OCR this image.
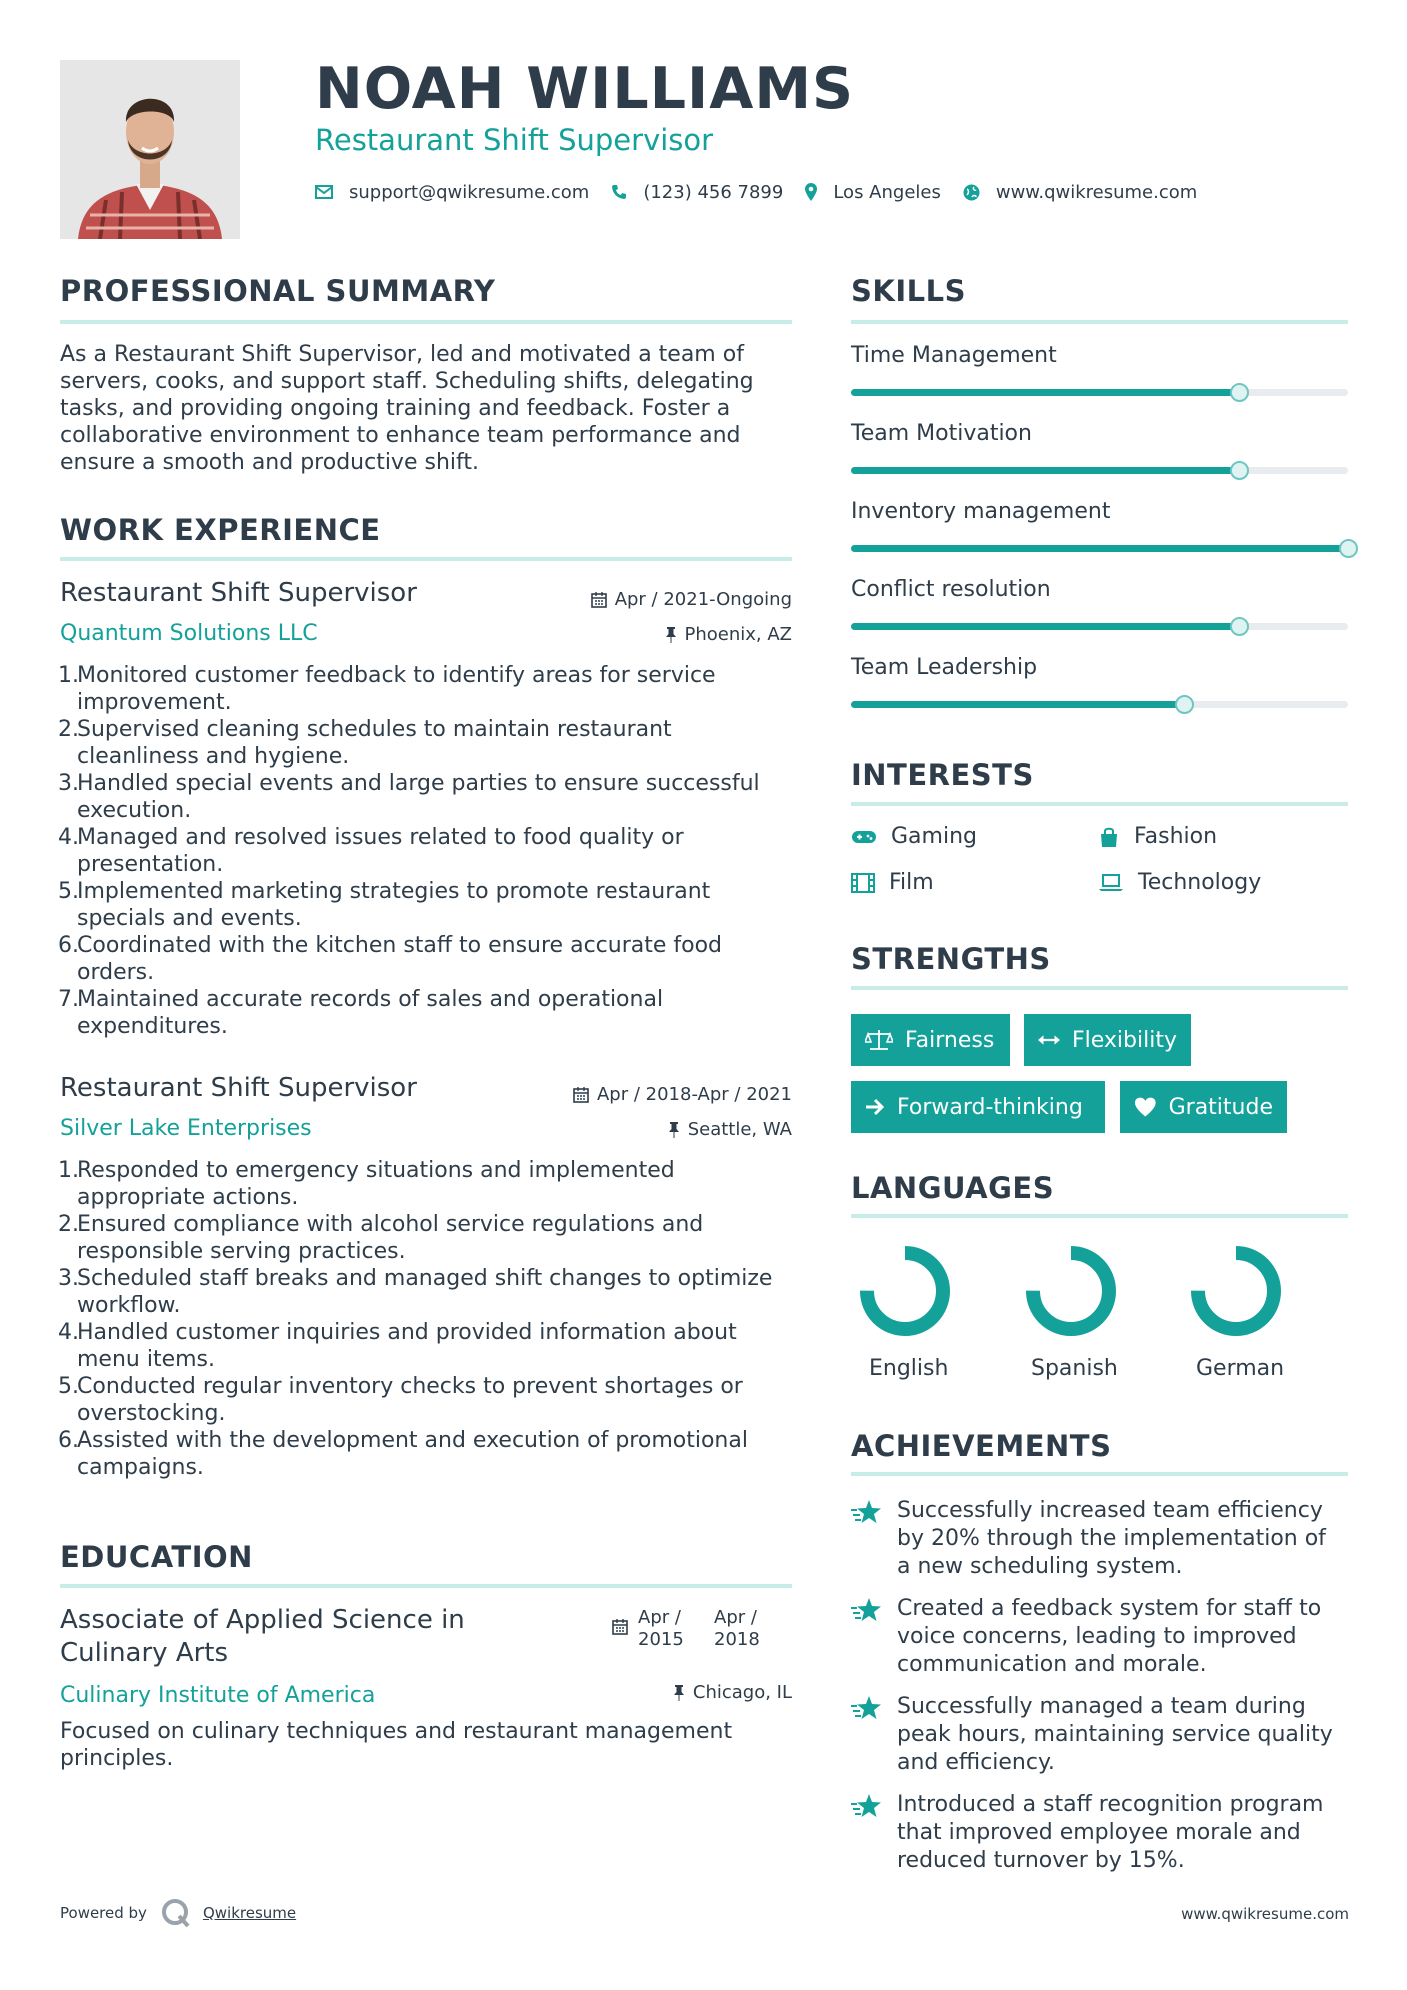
NOAH WILLIAMS
Restaurant Shift Supervisor
support@qwikresume.com	(123) 456 7899	Los Angeles	www.qwikresume.com
PROFESSIONAL SUMMARY
As a Restaurant Shift Supervisor, led and motivated a team of
servers, cooks, and support staff. Scheduling shifts, delegating
tasks, and providing ongoing training and feedback. Foster a
collaborative environment to enhance team performance and
ensure a smooth and productive shift.
WORK EXPERIENCE
Restaurant Shift Supervisor	Apr / 2021-Ongoing
Quantum Solutions LLC	Phoenix, AZ
1.
Monitored customer feedback to identify areas for service
improvement.
2.
Supervised cleaning schedules to maintain restaurant
cleanliness and hygiene.
3.
Handled special events and large parties to ensure successful
execution.
4.
Managed and resolved issues related to food quality or
presentation.
5.
Implemented marketing strategies to promote restaurant
specials and events.
6.
Coordinated with the kitchen staff to ensure accurate food
orders.
7.
Maintained accurate records of sales and operational
expenditures.
Restaurant Shift Supervisor	Apr / 2018-Apr / 2021
Silver Lake Enterprises	Seattle, WA
1.
Responded to emergency situations and implemented
appropriate actions.
2.
Ensured compliance with alcohol service regulations and
responsible serving practices.
3.
Scheduled staff breaks and managed shift changes to optimize
workflow.
4.
Handled customer inquiries and provided information about
menu items.
5.
Conducted regular inventory checks to prevent shortages or
overstocking.
6.
Assisted with the development and execution of promotional
campaigns.
EDUCATION
Associate of Applied Science in
Culinary Arts
Apr /
2015
Apr /
2018
Culinary Institute of America	Chicago, IL
Focused on culinary techniques and restaurant management
principles.
SKILLS
Time Management
Team Motivation
Inventory management
Conflict resolution
Team Leadership
INTERESTS
Gaming	Fashion
Film	Technology
STRENGTHS
Fairness	Flexibility
Forward-thinking	Gratitude
LANGUAGES
English	Spanish	German
ACHIEVEMENTS
Successfully increased team efficiency
by 20% through the implementation of
a new scheduling system.
Created a feedback system for staff to
voice concerns, leading to improved
communication and morale.
Successfully managed a team during
peak hours, maintaining service quality
and efficiency.
Introduced a staff recognition program
that improved employee morale and
reduced turnover by 15%.
Powered by	Qwikresume	www.qwikresume.com
